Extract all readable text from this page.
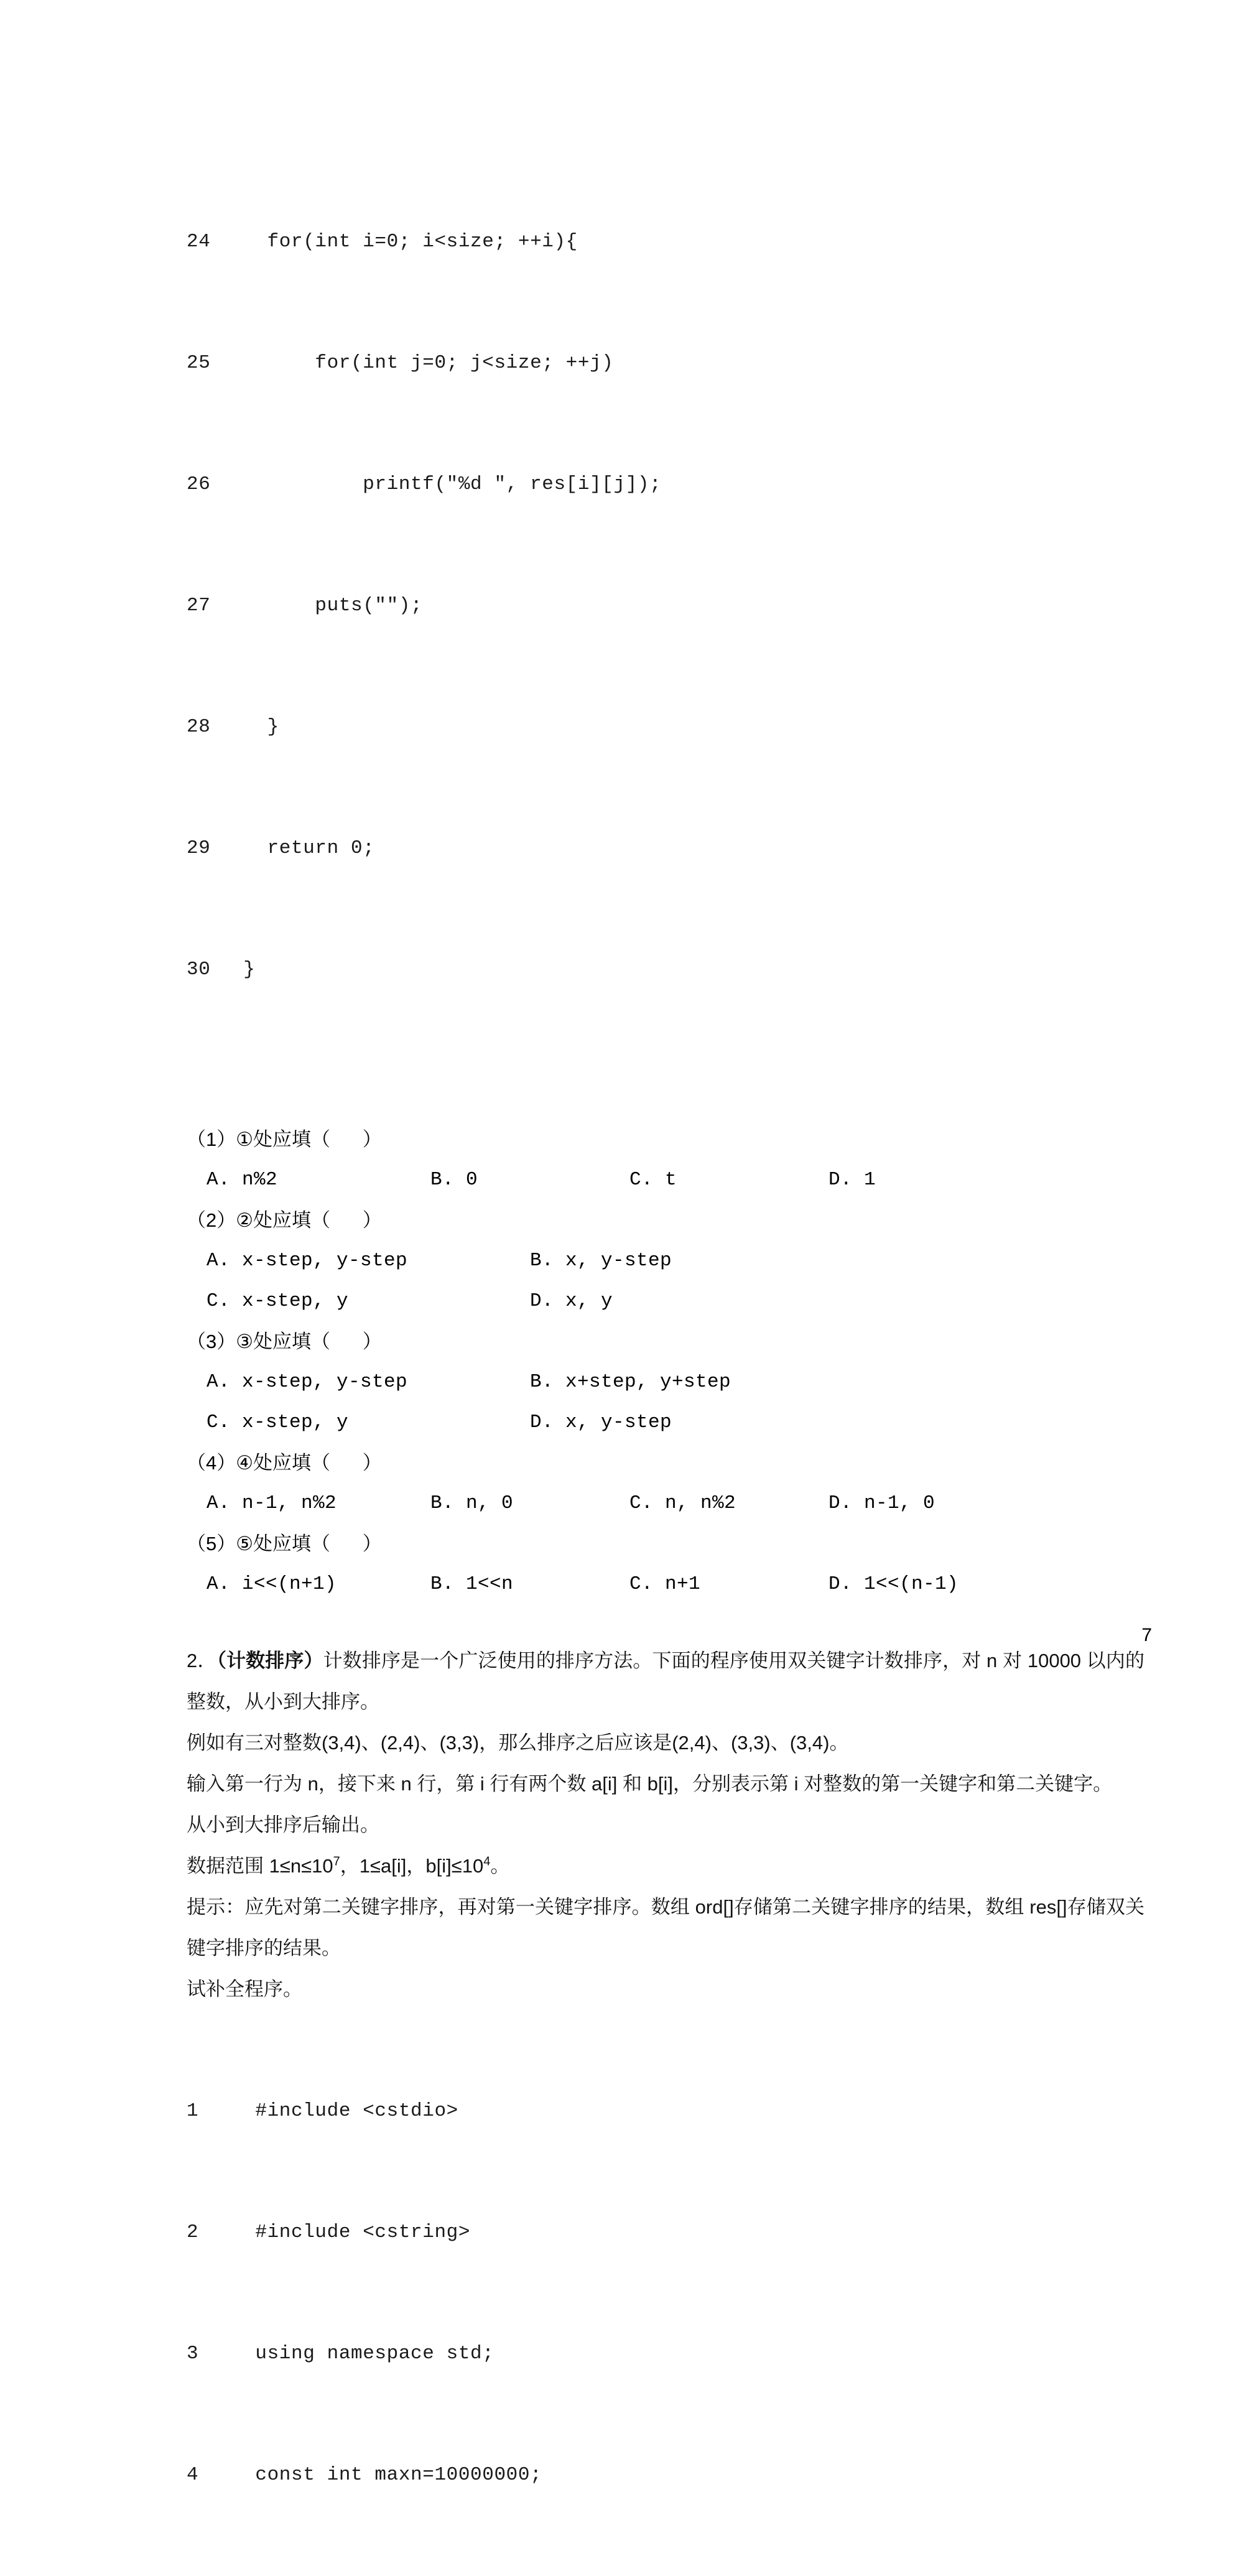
24   for(int i=0; i<size; ++i){

25       for(int j=0; j<size; ++j)

26           printf("%d ", res[i][j]);

27       puts("");

28   }

29   return 0;

30 }

（1）①处应填（      ）

A. n%2

	B. 0

	C. t

	D. 1

（2）②处应填（      ）

A. x-step, y-step

	B. x, y-step

C. x-step, y

	D. x, y

（3）③处应填（      ）

A. x-step, y-step

	B. x+step, y+step

C. x-step, y

	D. x, y-step

（4）④处应填（      ）

A. n-1, n%2

	B. n, 0

	C. n, n%2

	D. n-1, 0

（5）⑤处应填（      ）

A. i<<(n+1)

	B. 1<<n

	C. n+1

	D. 1<<(n-1)

2．（计数排序）计数排序是一个广泛使用的排序方法。下面的程序使用双关键字计数排序，对 n 对 10000 以内的整数，从小到大排序。
例如有三对整数(3,4)、(2,4)、(3,3)，那么排序之后应该是(2,4)、(3,3)、(3,4)。
输入第一行为 n，接下来 n 行，第 i 行有两个数 a[i] 和 b[i]，分别表示第 i 对整数的第一关键字和第二关键字。
从小到大排序后输出。
数据范围 $1\le n\le 10^7$，1≤a[i]，$b[i]\le 10^4$。
提示：应先对第二关键字排序，再对第一关键字排序。数组 ord[]存储第二关键字排序的结果，数组 res[]存储双关键字排序的结果。
试补全程序。

1  #include <cstdio>

2  #include <cstring>

3  using namespace std;

4  const int maxn=10000000;

7
